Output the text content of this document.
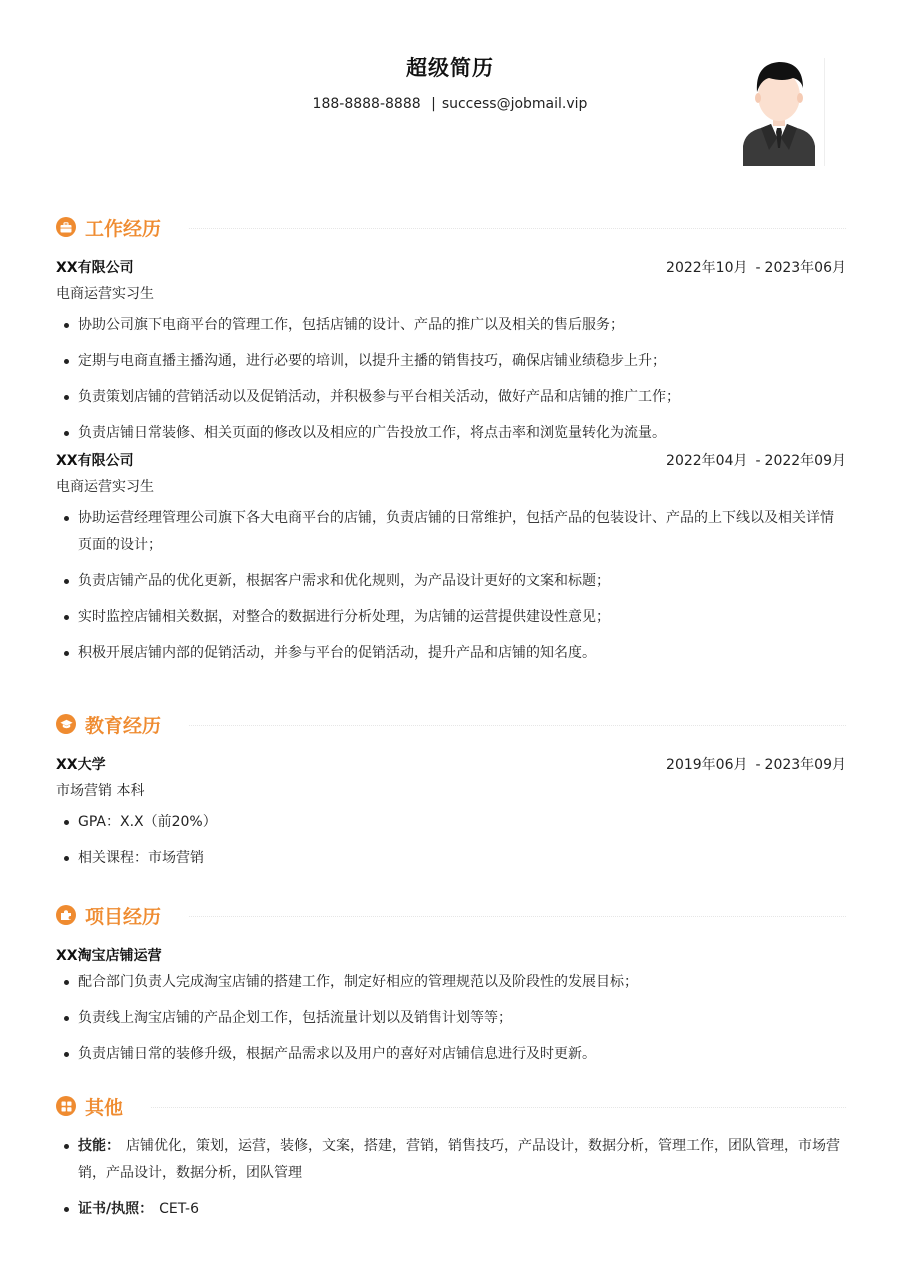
超级简历
188-8888-8888 | success@jobmail.vip
工作经历
XX有限公司	2022年10月 - 2023年06月
电商运营实习生
协助公司旗下电商平台的管理工作，包括店铺的设计、产品的推广以及相关的售后服务；
定期与电商直播主播沟通，进行必要的培训，以提升主播的销售技巧，确保店铺业绩稳步上升；
负责策划店铺的营销活动以及促销活动，并积极参与平台相关活动，做好产品和店铺的推广工作；
负责店铺日常装修、相关页面的修改以及相应的广告投放工作，将点击率和浏览量转化为流量。
XX有限公司	2022年04月 - 2022年09月
电商运营实习生
协助运营经理管理公司旗下各大电商平台的店铺，负责店铺的日常维护，包括产品的包装设计、产品的上下线以及相关详情 页面的设计；
负责店铺产品的优化更新，根据客户需求和优化规则，为产品设计更好的文案和标题；
实时监控店铺相关数据，对整合的数据进行分析处理，为店铺的运营提供建设性意见；
积极开展店铺内部的促销活动，并参与平台的促销活动，提升产品和店铺的知名度。
教育经历
XX大学	2019年06月 - 2023年09月
市场营销 本科
GPA：X.X（前20%）
相关课程：市场营销
项目经历
XX淘宝店铺运营
配合部门负责人完成淘宝店铺的搭建工作，制定好相应的管理规范以及阶段性的发展目标；
负责线上淘宝店铺的产品企划工作，包括流量计划以及销售计划等等；
负责店铺日常的装修升级，根据产品需求以及用户的喜好对店铺信息进行及时更新。
其他
技能： 店铺优化，策划，运营，装修，文案，搭建，营销，销售技巧，产品设计，数据分析，管理工作，团队管理，市场营销，产品设计，数据分析，团队管理
证书/执照： CET-6
